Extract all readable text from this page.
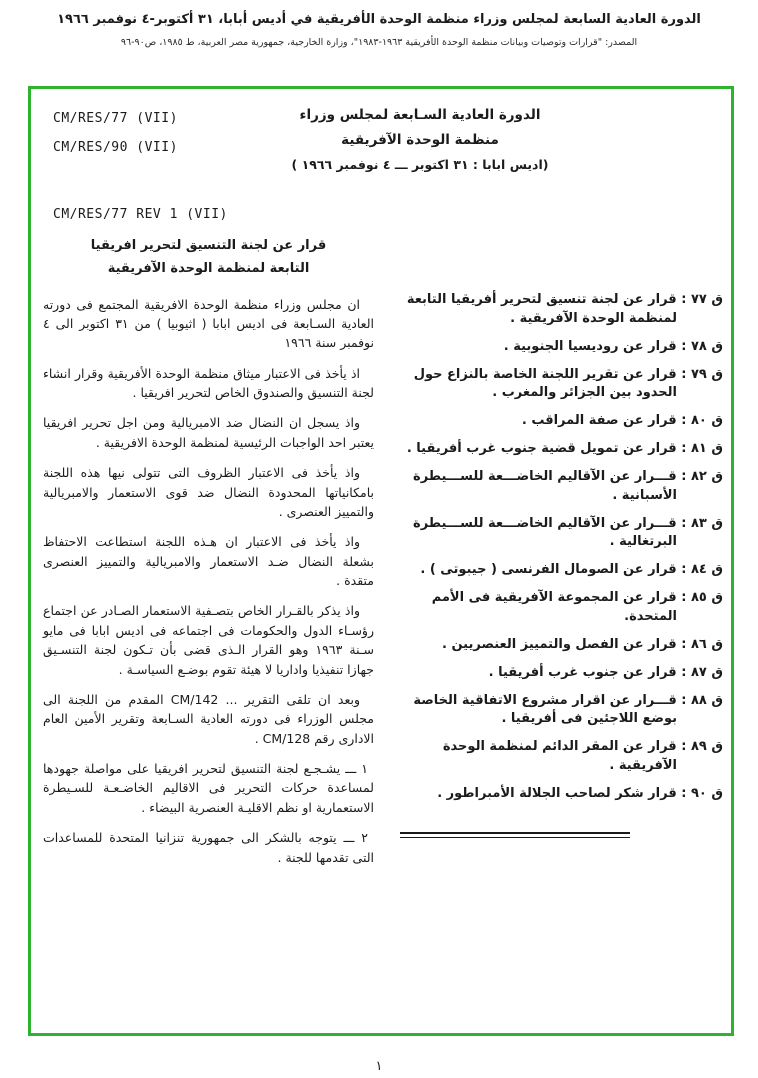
الدورة العادية السابعة لمجلس وزراء منظمة الوحدة الأفريقية في أديس أبابا، ٣١ أكتوبر-٤ نوفمبر ١٩٦٦
المصدر: "قرارات وتوصيات وبيانات منظمة الوحدة الأفريقية ١٩٦٣-١٩٨٣"، وزارة الخارجية، جمهورية مصر العربية، ط ١٩٨٥، ص٩٠-٩٦
CM/RES/77 (VII)
CM/RES/90 (VII)
الدورة العادية السـابعة لمجلس وزراء
منظمة الوحدة الآفريقية
(اديس ابابا : ٣١ اكتوبر ـــ ٤ نوفمبر ١٩٦٦ )
CM/RES/77 REV 1 (VII)
ق ٧٧ : قرار عن لجنة تنسيق لتحرير أفريقيا التابعة لمنظمة الوحدة الآفريقية .
ق ٧٨ : قرار عن روديسيا الجنوبية .
ق ٧٩ : قرار عن تقرير اللجنة الخاصة بالنزاع حول الحدود بين الجزائر والمغرب .
ق ٨٠ : قرار عن صفة المراقب .
ق ٨١ : قرار عن تمويل قضية جنوب غرب أفريقيا .
ق ٨٢ : قـــرار عن الآقاليم الخاضـــعة للســـيطرة الأسبانية .
ق ٨٣ : قـــرار عن الآقاليم الخاضـــعة للســـيطرة البرتغالية .
ق ٨٤ : قرار عن الصومال الفرنسى ( جيبوتى ) .
ق ٨٥ : قرار عن المجموعة الآفريقية فى الأمم المتحدة.
ق ٨٦ : قرار عن الفصل والتمييز العنصريين .
ق ٨٧ : قرار عن جنوب غرب أفريقيا .
ق ٨٨ : قـــرار عن اقرار مشروع الاتفاقية الخاصة بوضع اللاجئين فى أفريقيا .
ق ٨٩ : قرار عن المقر الدائم لمنظمة الوحدة الآفريقية .
ق ٩٠ : قرار شكر لصاحب الجلالة الأمبراطور .
قرار عن لجنة التنسيق لتحرير افريقيا
التابعة لمنظمة الوحدة الآفريقية

ان مجلس وزراء منظمة الوحدة الافريقية المجتمع فى دورته العادية السـابعة فى اديس ابابا ( اثيوبيا ) من ٣١ اكتوبر الى ٤ نوفمبر سنة ١٩٦٦

اذ يأخذ فى الاعتبار ميثاق منظمة الوحدة الأفريقية وقرار انشاء لجنة التنسيق والصندوق الخاص لتحرير افريقيا .

واذ يسجل ان النضال ضد الامبريالية ومن اجل تحرير افريقيا يعتبر احد الواجبات الرئيسية لمنظمة الوحدة الافريقية .

واذ يأخذ فى الاعتبار الظروف التى تتولى نيها هذه اللجنة بامكانياتها المحدودة النضال ضد قوى الاستعمار والامبريالية والتمييز العنصرى .

واذ يأخذ فى الاعتبار ان هـذه اللجنة استطاعت الاحتفاظ بشعلة النضال ضـد الاستعمار والامبريالية والتمييز العنصرى متقدة .

واذ يذكر بالقـرار الخاص بتصـفية الاستعمار الصـادر عن اجتماع رؤسـاء الدول والحكومات فى اجتماعه فى اديس ابابا فى مايو سـنة ١٩٦٣ وهو القرار الـذى قضى بأن تـكون لجنة التنسـيق جهازا تنفيذيا واداريا لا هيئة تقوم بوضـع السياسـة .

وبعد ان تلقى التقرير ... CM/142 المقدم من اللجنة الى مجلس الوزراء فى دورته العادية السـابعة وتقرير الأمين العام الادارى رقم CM/128 .

١ ـــ يشـجـع لجنة التنسيق لتحرير افريقيا على مواصلة جهودها لمساعدة حركات التحرير فى الاقاليم الخاضـعـة للسـيطرة الاستعمارية او نظم الاقليـة العنصرية البيضاء .

٢ ـــ يتوجه بالشكر الى جمهورية تنزانيا المتحدة للمساعدات التى تقدمها للجنة .

١
